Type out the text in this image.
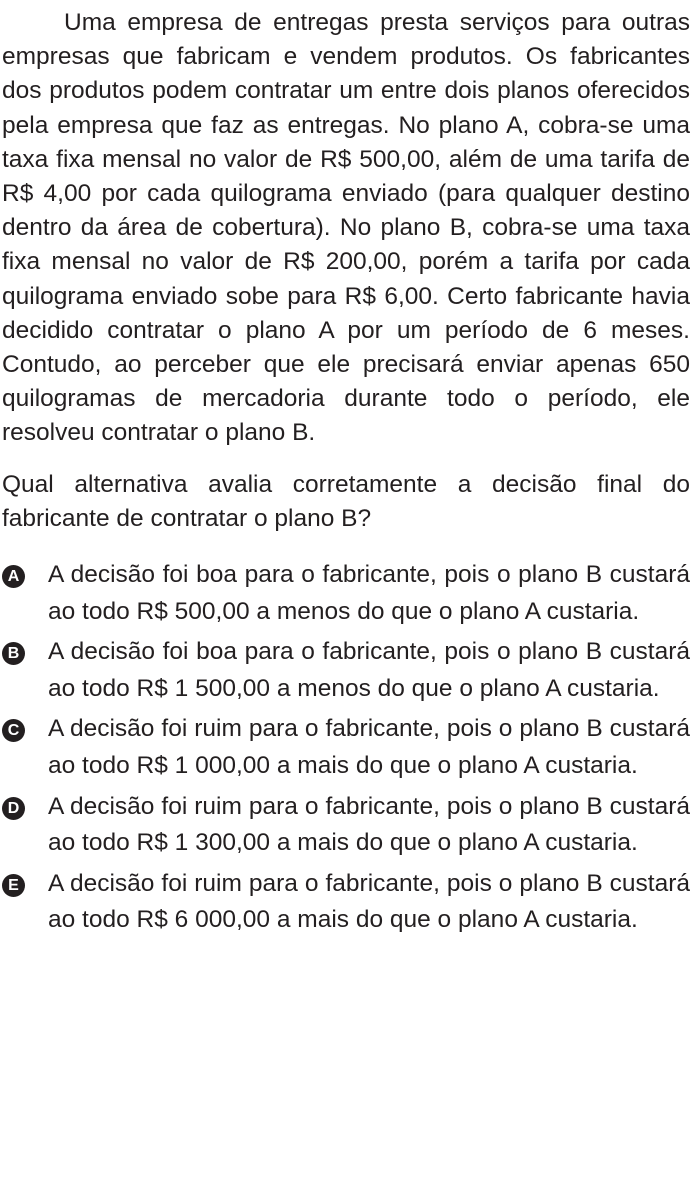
Uma empresa de entregas presta serviços para outras empresas que fabricam e vendem produtos. Os fabricantes dos produtos podem contratar um entre dois planos oferecidos pela empresa que faz as entregas. No plano A, cobra-se uma taxa fixa mensal no valor de R$ 500,00, além de uma tarifa de R$ 4,00 por cada quilograma enviado (para qualquer destino dentro da área de cobertura). No plano B, cobra-se uma taxa fixa mensal no valor de R$ 200,00, porém a tarifa por cada quilograma enviado sobe para R$ 6,00. Certo fabricante havia decidido contratar o plano A por um período de 6 meses. Contudo, ao perceber que ele precisará enviar apenas 650 quilogramas de mercadoria durante todo o período, ele resolveu contratar o plano B.

Qual alternativa avalia corretamente a decisão final do fabricante de contratar o plano B?

A A decisão foi boa para o fabricante, pois o plano B custará ao todo R$ 500,00 a menos do que o plano A custaria.
B A decisão foi boa para o fabricante, pois o plano B custará ao todo R$ 1 500,00 a menos do que o plano A custaria.
C A decisão foi ruim para o fabricante, pois o plano B custará ao todo R$ 1 000,00 a mais do que o plano A custaria.
D A decisão foi ruim para o fabricante, pois o plano B custará ao todo R$ 1 300,00 a mais do que o plano A custaria.
E A decisão foi ruim para o fabricante, pois o plano B custará ao todo R$ 6 000,00 a mais do que o plano A custaria.
